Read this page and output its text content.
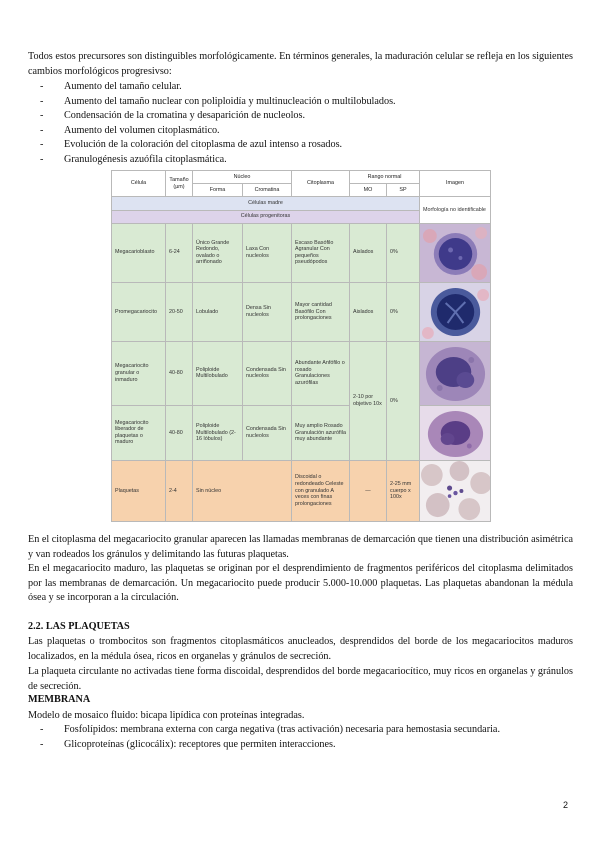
Todos estos precursores son distinguibles morfológicamente. En términos generales, la maduración celular se refleja en los siguientes cambios morfológicos progresivso:
- Aumento del tamaño celular.
- Aumento del tamaño nuclear con poliploidía y multinucleación o multilobulados.
- Condensación de la cromatina y desaparición de nucleolos.
- Aumento del volumen citoplasmático.
- Evolución de la coloración del citoplasma de azul intenso a rosados.
- Granulogénesis azuófila citoplasmática.
Célula	Tamaño (µm)	Núcleo		Citoplasma	Rango normal		Imagen
		Forma	Cromatina		MO	SP	
Células madre							Morfología no identificable
Células progenitoras							
Megacarioblasto	6-24	Único Grande Redondo, ovalado o arriñonado	Laxa Con nucleolos	Escaso Basófilo Agranular Con pequeños pseudópodos	Aislados	0%	

Promegacariocito	20-50	Lobulado	Densa Sin nucleolos	Mayor cantidad Basófilo Con prolongaciones	Aislados	0%	

Megacariocito granular o inmaduro	40-80	Poliploide Multilobulado	Condensada Sin nucleolos	Abundante Anfófilo o rosado Granulaciones azurófilas	2-10 por objetivo 10x	0%	

Megacariocito liberador de plaquetas o maduro	40-80	Poliploide Multilobulado (2-16 lóbulos)	Condensada Sin nucleolos	Muy amplio Rosado Granulación azurófila muy abundante	

Plaquetas	2-4	Sin núcleo		Discoidal o redondeado Celeste con granulado A veces con finas prolongaciones	—	2-25 mm cuerpo x 100x	
En el citoplasma del megacariocito granular aparecen las llamadas membranas de demarcación que tienen una distribución asimétrica y van rodeados los gránulos y delimitando las futuras plaquetas.
En el megacariocito maduro, las plaquetas se originan por el desprendimiento de fragmentos periféricos del citoplasma delimitados por las membranas de demarcación. Un megacariocito puede producir 5.000-10.000 plaquetas. Las plaquetas abandonan la médula ósea y se incorporan a la circulación.
2.2. LAS PLAQUETAS
Las plaquetas o trombocitos son fragmentos citoplasmáticos anucleados, desprendidos del borde de los megacariocitos maduros localizados, en la médula ósea, ricos en organelas y gránulos de secreción.
La plaqueta circulante no activadas tiene forma discoidal, desprendidos del borde megacariocítico, muy ricos en organelas y gránulos de secreción.
MEMBRANA
Modelo de mosaico fluido: bicapa lipídica con proteínas integradas.
- Fosfolípidos: membrana externa con carga negativa (tras activación) necesaria para hemostasia secundaria.
- Glicoproteínas (glicocálix): receptores que permiten interacciones.
2
